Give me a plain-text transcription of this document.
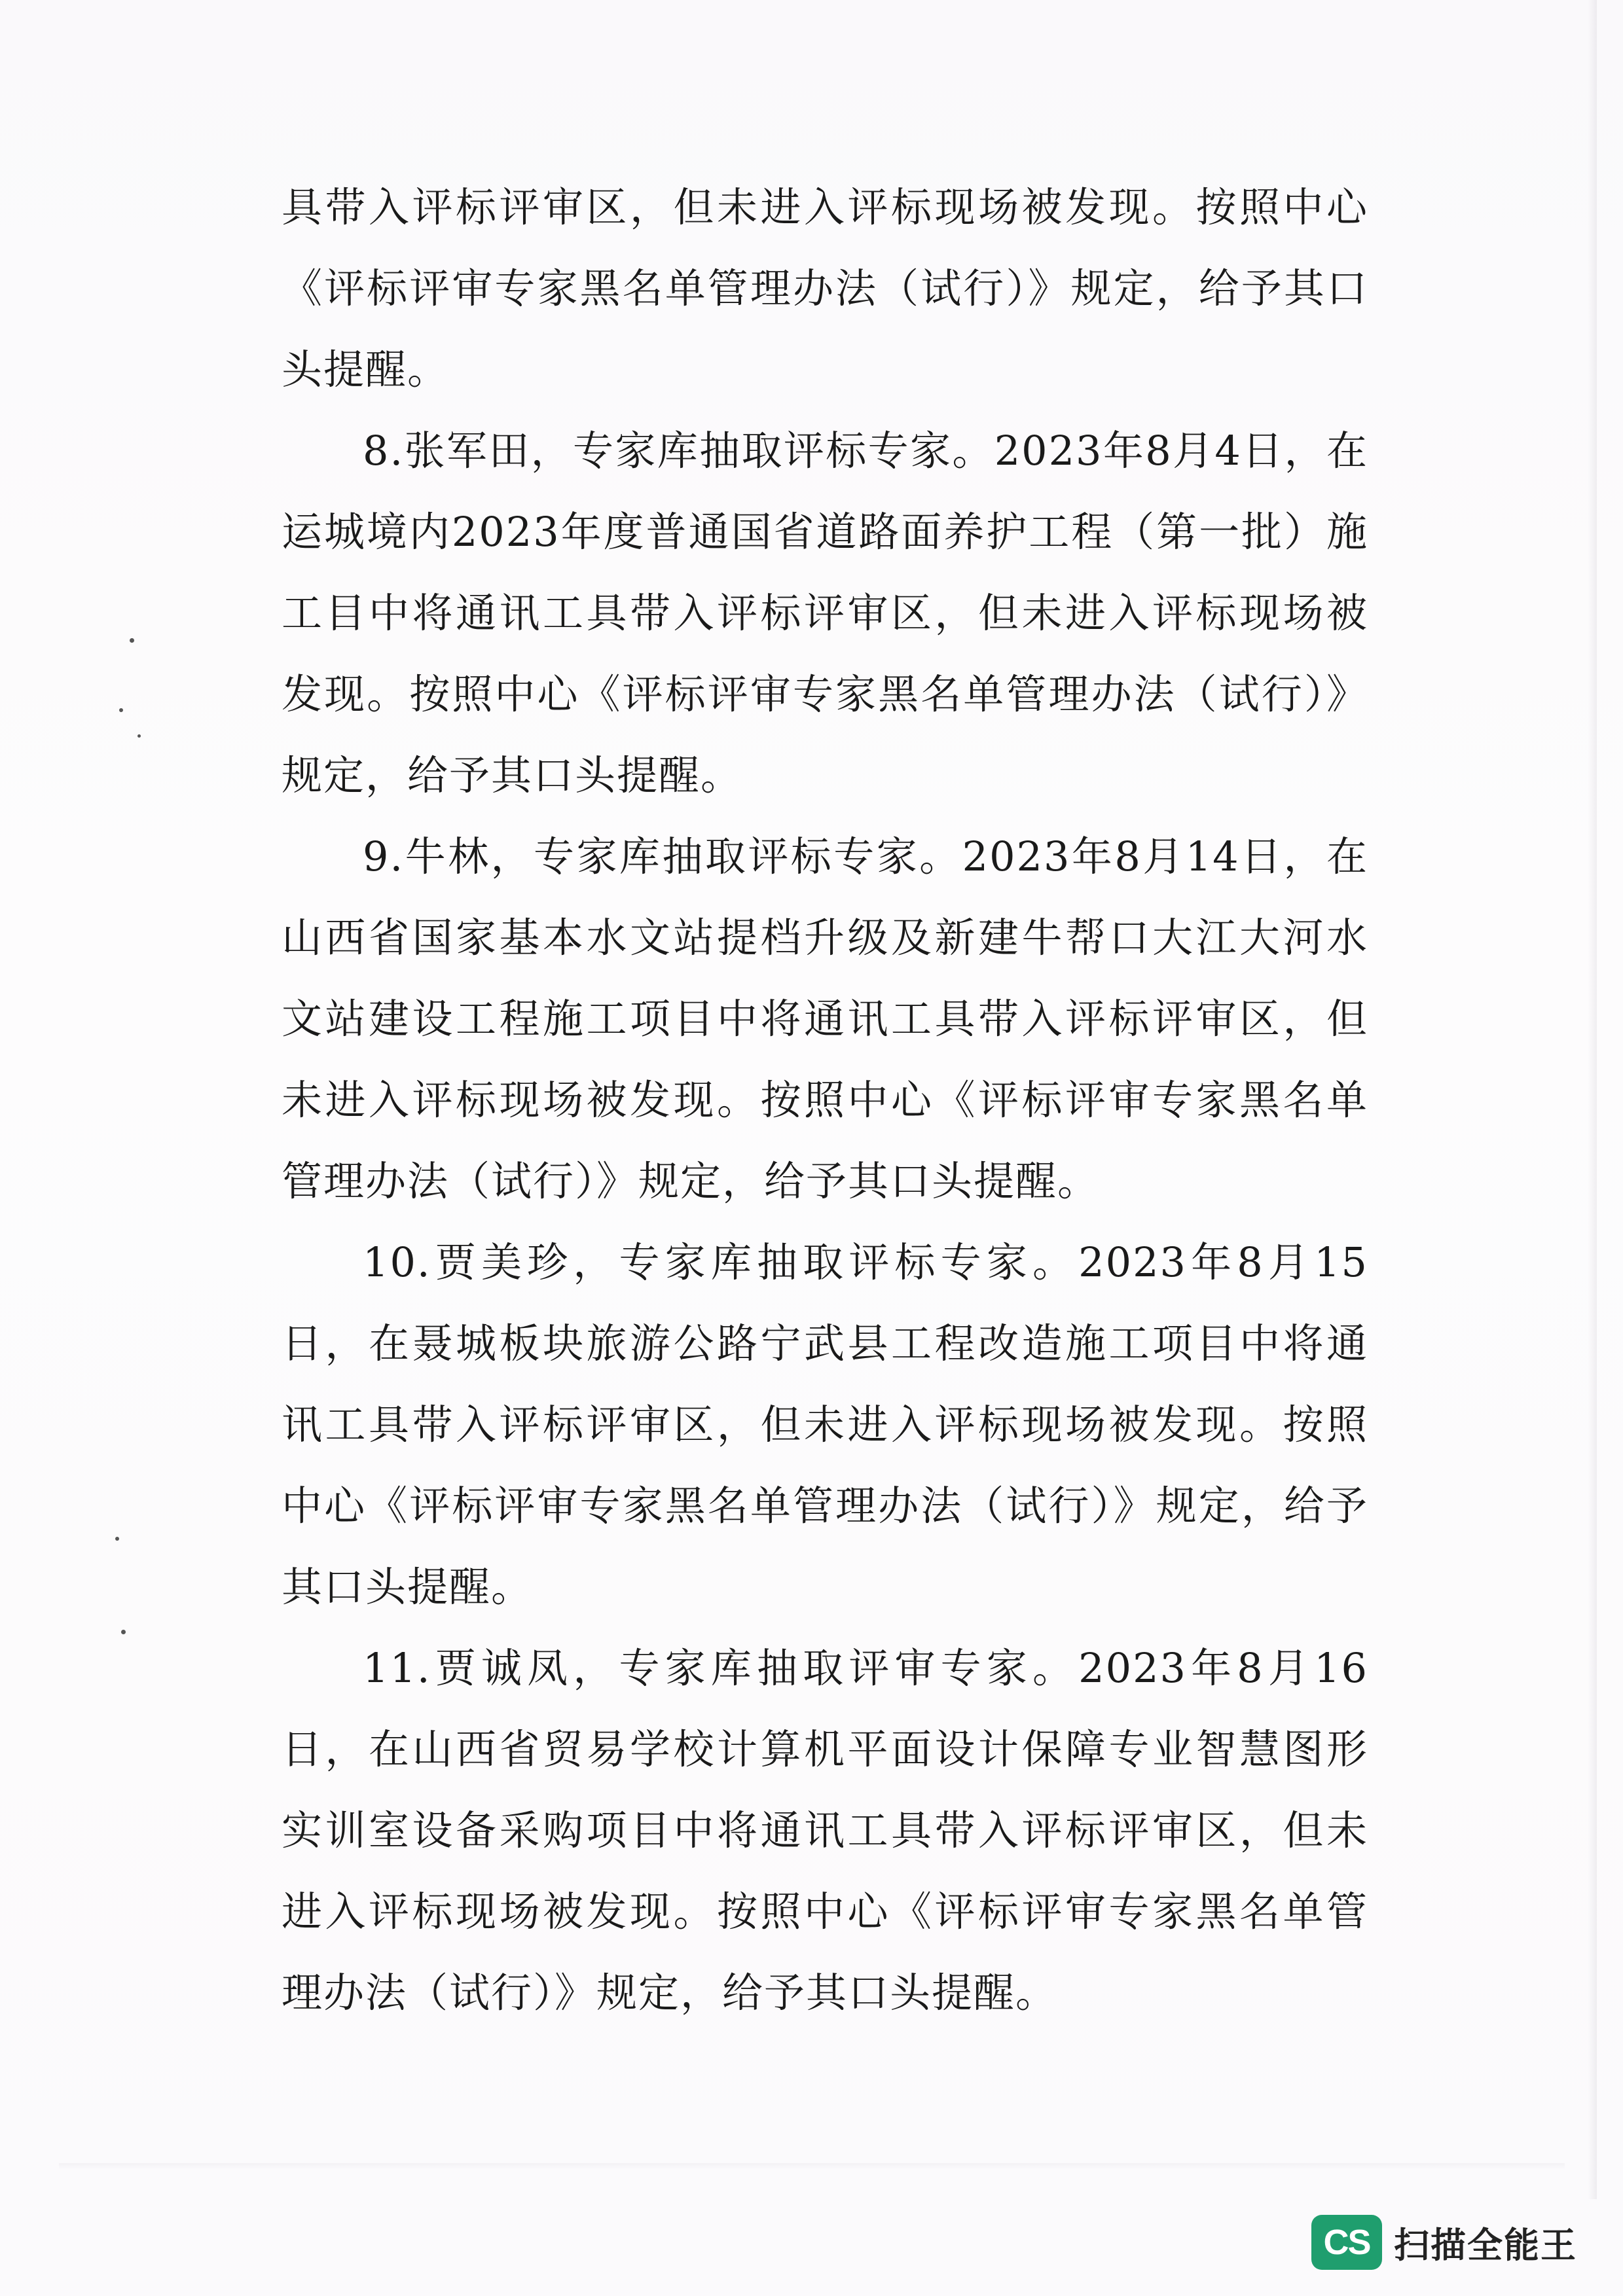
具带入评标评审区，但未进入评标现场被发现。按照中心《评标评审专家黑名单管理办法（试行）》规定，给予其口头提醒。

8.张军田，专家库抽取评标专家。2023年8月4日，在运城境内2023年度普通国省道路面养护工程（第一批）施工目中将通讯工具带入评标评审区，但未进入评标现场被发现。按照中心《评标评审专家黑名单管理办法（试行）》规定，给予其口头提醒。

9.牛林，专家库抽取评标专家。2023年8月14日，在山西省国家基本水文站提档升级及新建牛帮口大江大河水文站建设工程施工项目中将通讯工具带入评标评审区，但未进入评标现场被发现。按照中心《评标评审专家黑名单管理办法（试行）》规定，给予其口头提醒。

10.贾美珍，专家库抽取评标专家。2023年8月15日，在聂城板块旅游公路宁武县工程改造施工项目中将通讯工具带入评标评审区，但未进入评标现场被发现。按照中心《评标评审专家黑名单管理办法（试行）》规定，给予其口头提醒。

11.贾诚凤，专家库抽取评审专家。2023年8月16日，在山西省贸易学校计算机平面设计保障专业智慧图形实训室设备采购项目中将通讯工具带入评标评审区，但未进入评标现场被发现。按照中心《评标评审专家黑名单管理办法（试行）》规定，给予其口头提醒。

CS 扫描全能王
